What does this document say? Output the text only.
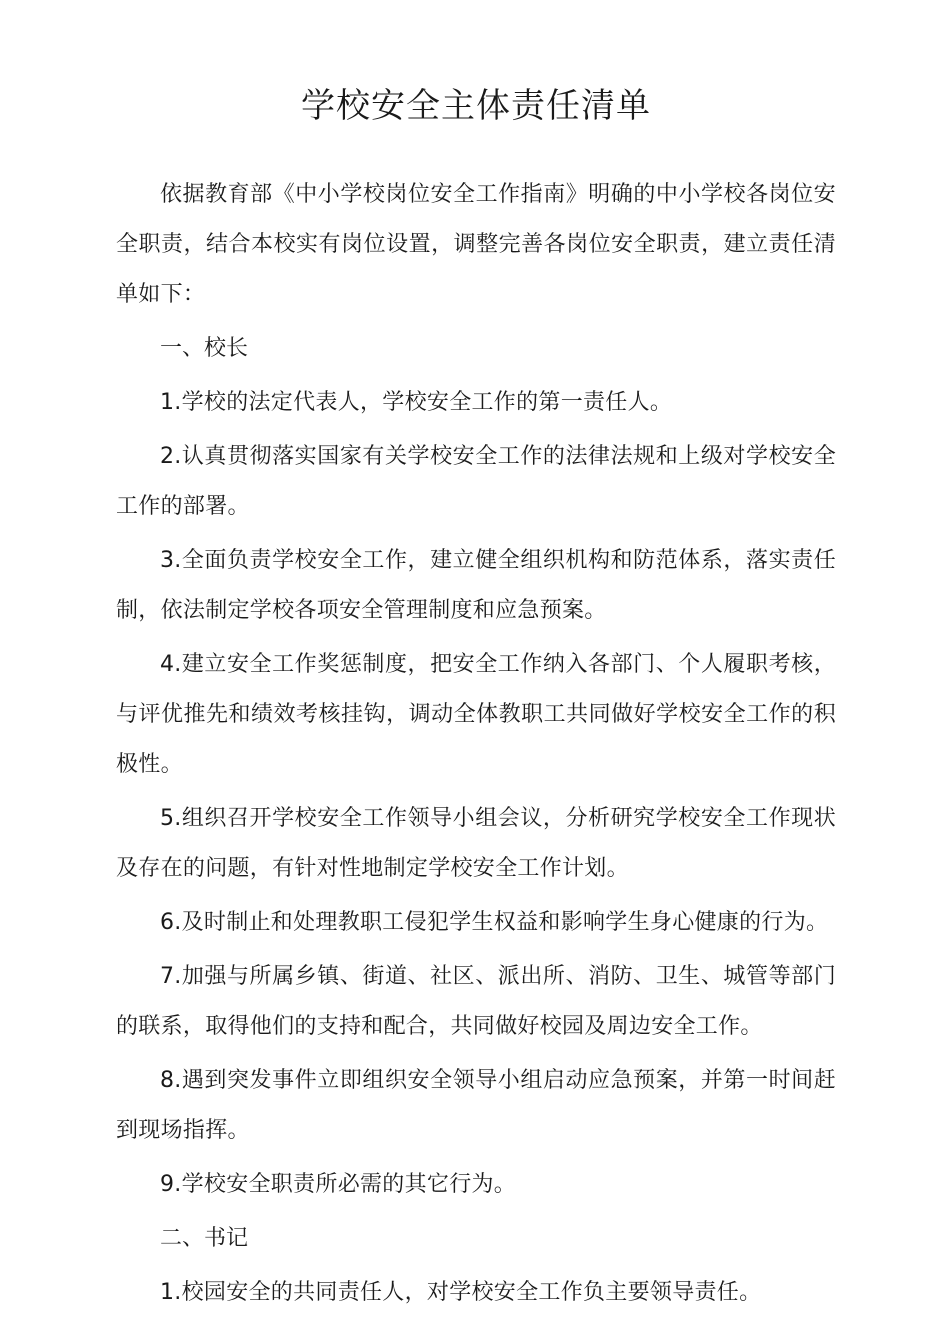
学校安全主体责任清单

依据教育部《中小学校岗位安全工作指南》明确的中小学校各岗位安全职责，结合本校实有岗位设置，调整完善各岗位安全职责，建立责任清单如下：

一、校长

1.学校的法定代表人，学校安全工作的第一责任人。

2.认真贯彻落实国家有关学校安全工作的法律法规和上级对学校安全工作的部署。

3.全面负责学校安全工作，建立健全组织机构和防范体系，落实责任制，依法制定学校各项安全管理制度和应急预案。

4.建立安全工作奖惩制度，把安全工作纳入各部门、个人履职考核，与评优推先和绩效考核挂钩，调动全体教职工共同做好学校安全工作的积极性。

5.组织召开学校安全工作领导小组会议，分析研究学校安全工作现状及存在的问题，有针对性地制定学校安全工作计划。

6.及时制止和处理教职工侵犯学生权益和影响学生身心健康的行为。

7.加强与所属乡镇、街道、社区、派出所、消防、卫生、城管等部门的联系，取得他们的支持和配合，共同做好校园及周边安全工作。

8.遇到突发事件立即组织安全领导小组启动应急预案，并第一时间赶到现场指挥。

9.学校安全职责所必需的其它行为。

二、书记

1.校园安全的共同责任人，对学校安全工作负主要领导责任。
